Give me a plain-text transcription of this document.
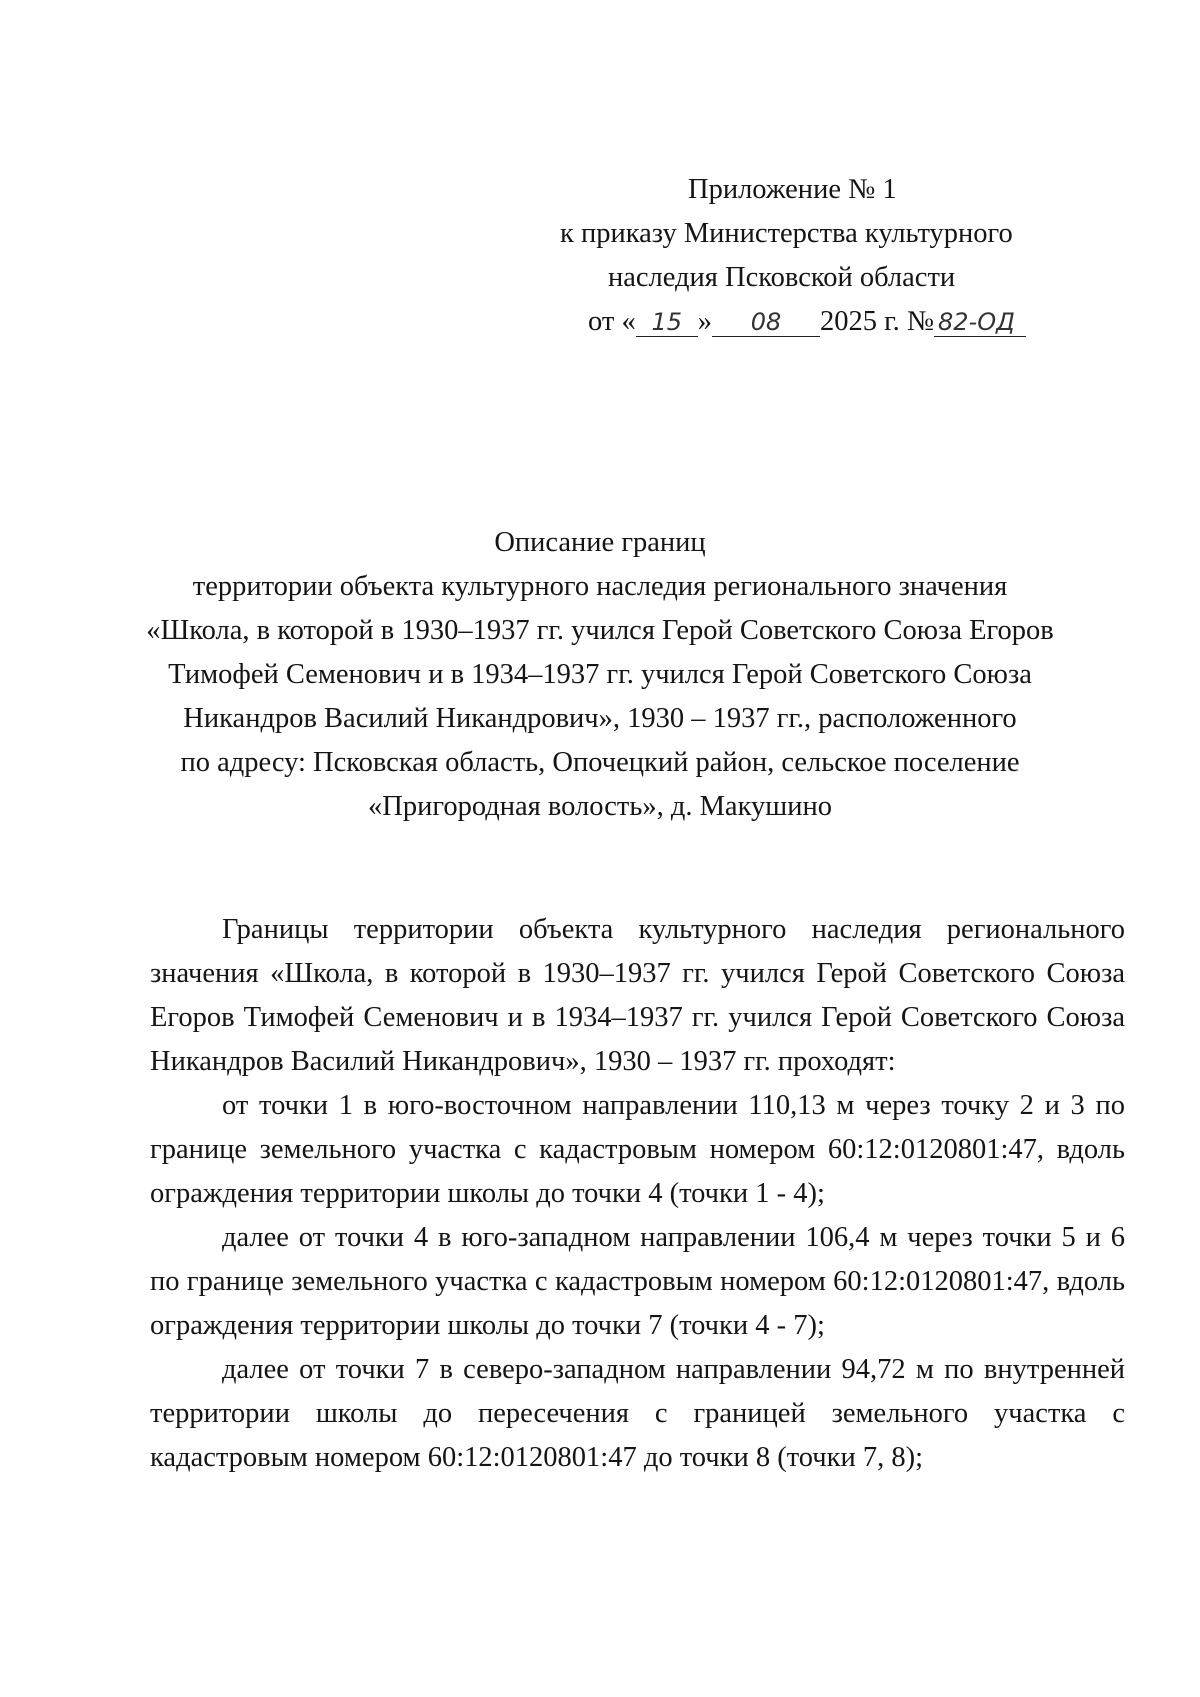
Приложение № 1
к приказу Министерства культурного
наследия Псковской области
от « 15 » 08 2025 г. № 82-ОД
Описание границ
территории объекта культурного наследия регионального значения
«Школа, в которой в 1930–1937 гг. учился Герой Советского Союза Егоров
Тимофей Семенович и в 1934–1937 гг. учился Герой Советского Союза
Никандров Василий Никандрович», 1930 – 1937 гг., расположенного
по адресу: Псковская область, Опочецкий район, сельское поселение
«Пригородная волость», д. Макушино

Границы территории объекта культурного наследия регионального значения «Школа, в которой в 1930–1937 гг. учился Герой Советского Союза Егоров Тимофей Семенович и в 1934–1937 гг. учился Герой Советского Союза Никандров Василий Никандрович», 1930 – 1937 гг. проходят:

от точки 1 в юго-восточном направлении 110,13 м через точку 2 и 3 по границе земельного участка с кадастровым номером 60:12:0120801:47, вдоль ограждения территории школы до точки 4 (точки 1 - 4);

далее от точки 4 в юго-западном направлении 106,4 м через точки 5 и 6 по границе земельного участка с кадастровым номером 60:12:0120801:47, вдоль ограждения территории школы до точки 7 (точки 4 - 7);

далее от точки 7 в северо-западном направлении 94,72 м по внутренней территории школы до пересечения с границей земельного участка с кадастровым номером 60:12:0120801:47 до точки 8 (точки 7, 8);
